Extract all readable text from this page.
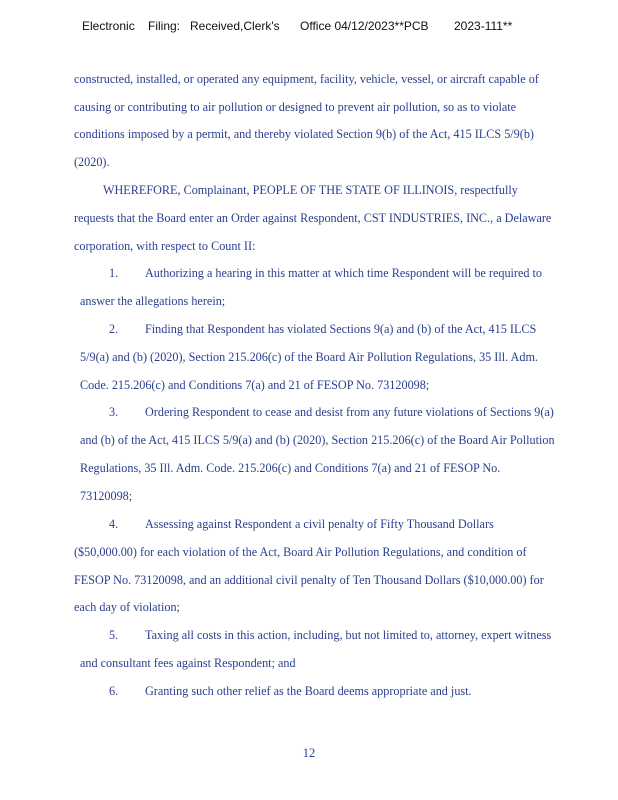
Electronic Filing: Received,Clerk's Office 04/12/2023**PCB 2023-111**
constructed, installed, or operated any equipment, facility, vehicle, vessel, or aircraft capable of
causing or contributing to air pollution or designed to prevent air pollution, so as to violate
conditions imposed by a permit, and thereby violated Section 9(b) of the Act, 415 ILCS 5/9(b)
(2020).
WHEREFORE, Complainant, PEOPLE OF THE STATE OF ILLINOIS, respectfully
requests that the Board enter an Order against Respondent, CST INDUSTRIES, INC., a Delaware
corporation, with respect to Count II:
1. Authorizing a hearing in this matter at which time Respondent will be required to
answer the allegations herein;
2. Finding that Respondent has violated Sections 9(a) and (b) of the Act, 415 ILCS
5/9(a) and (b) (2020), Section 215.206(c) of the Board Air Pollution Regulations, 35 Ill. Adm.
Code. 215.206(c) and Conditions 7(a) and 21 of FESOP No. 73120098;
3. Ordering Respondent to cease and desist from any future violations of Sections 9(a)
and (b) of the Act, 415 ILCS 5/9(a) and (b) (2020), Section 215.206(c) of the Board Air Pollution
Regulations, 35 Ill. Adm. Code. 215.206(c) and Conditions 7(a) and 21 of FESOP No.
73120098;
4. Assessing against Respondent a civil penalty of Fifty Thousand Dollars
($50,000.00) for each violation of the Act, Board Air Pollution Regulations, and condition of
FESOP No. 73120098, and an additional civil penalty of Ten Thousand Dollars ($10,000.00) for
each day of violation;
5. Taxing all costs in this action, including, but not limited to, attorney, expert witness
and consultant fees against Respondent; and
6. Granting such other relief as the Board deems appropriate and just.
12
